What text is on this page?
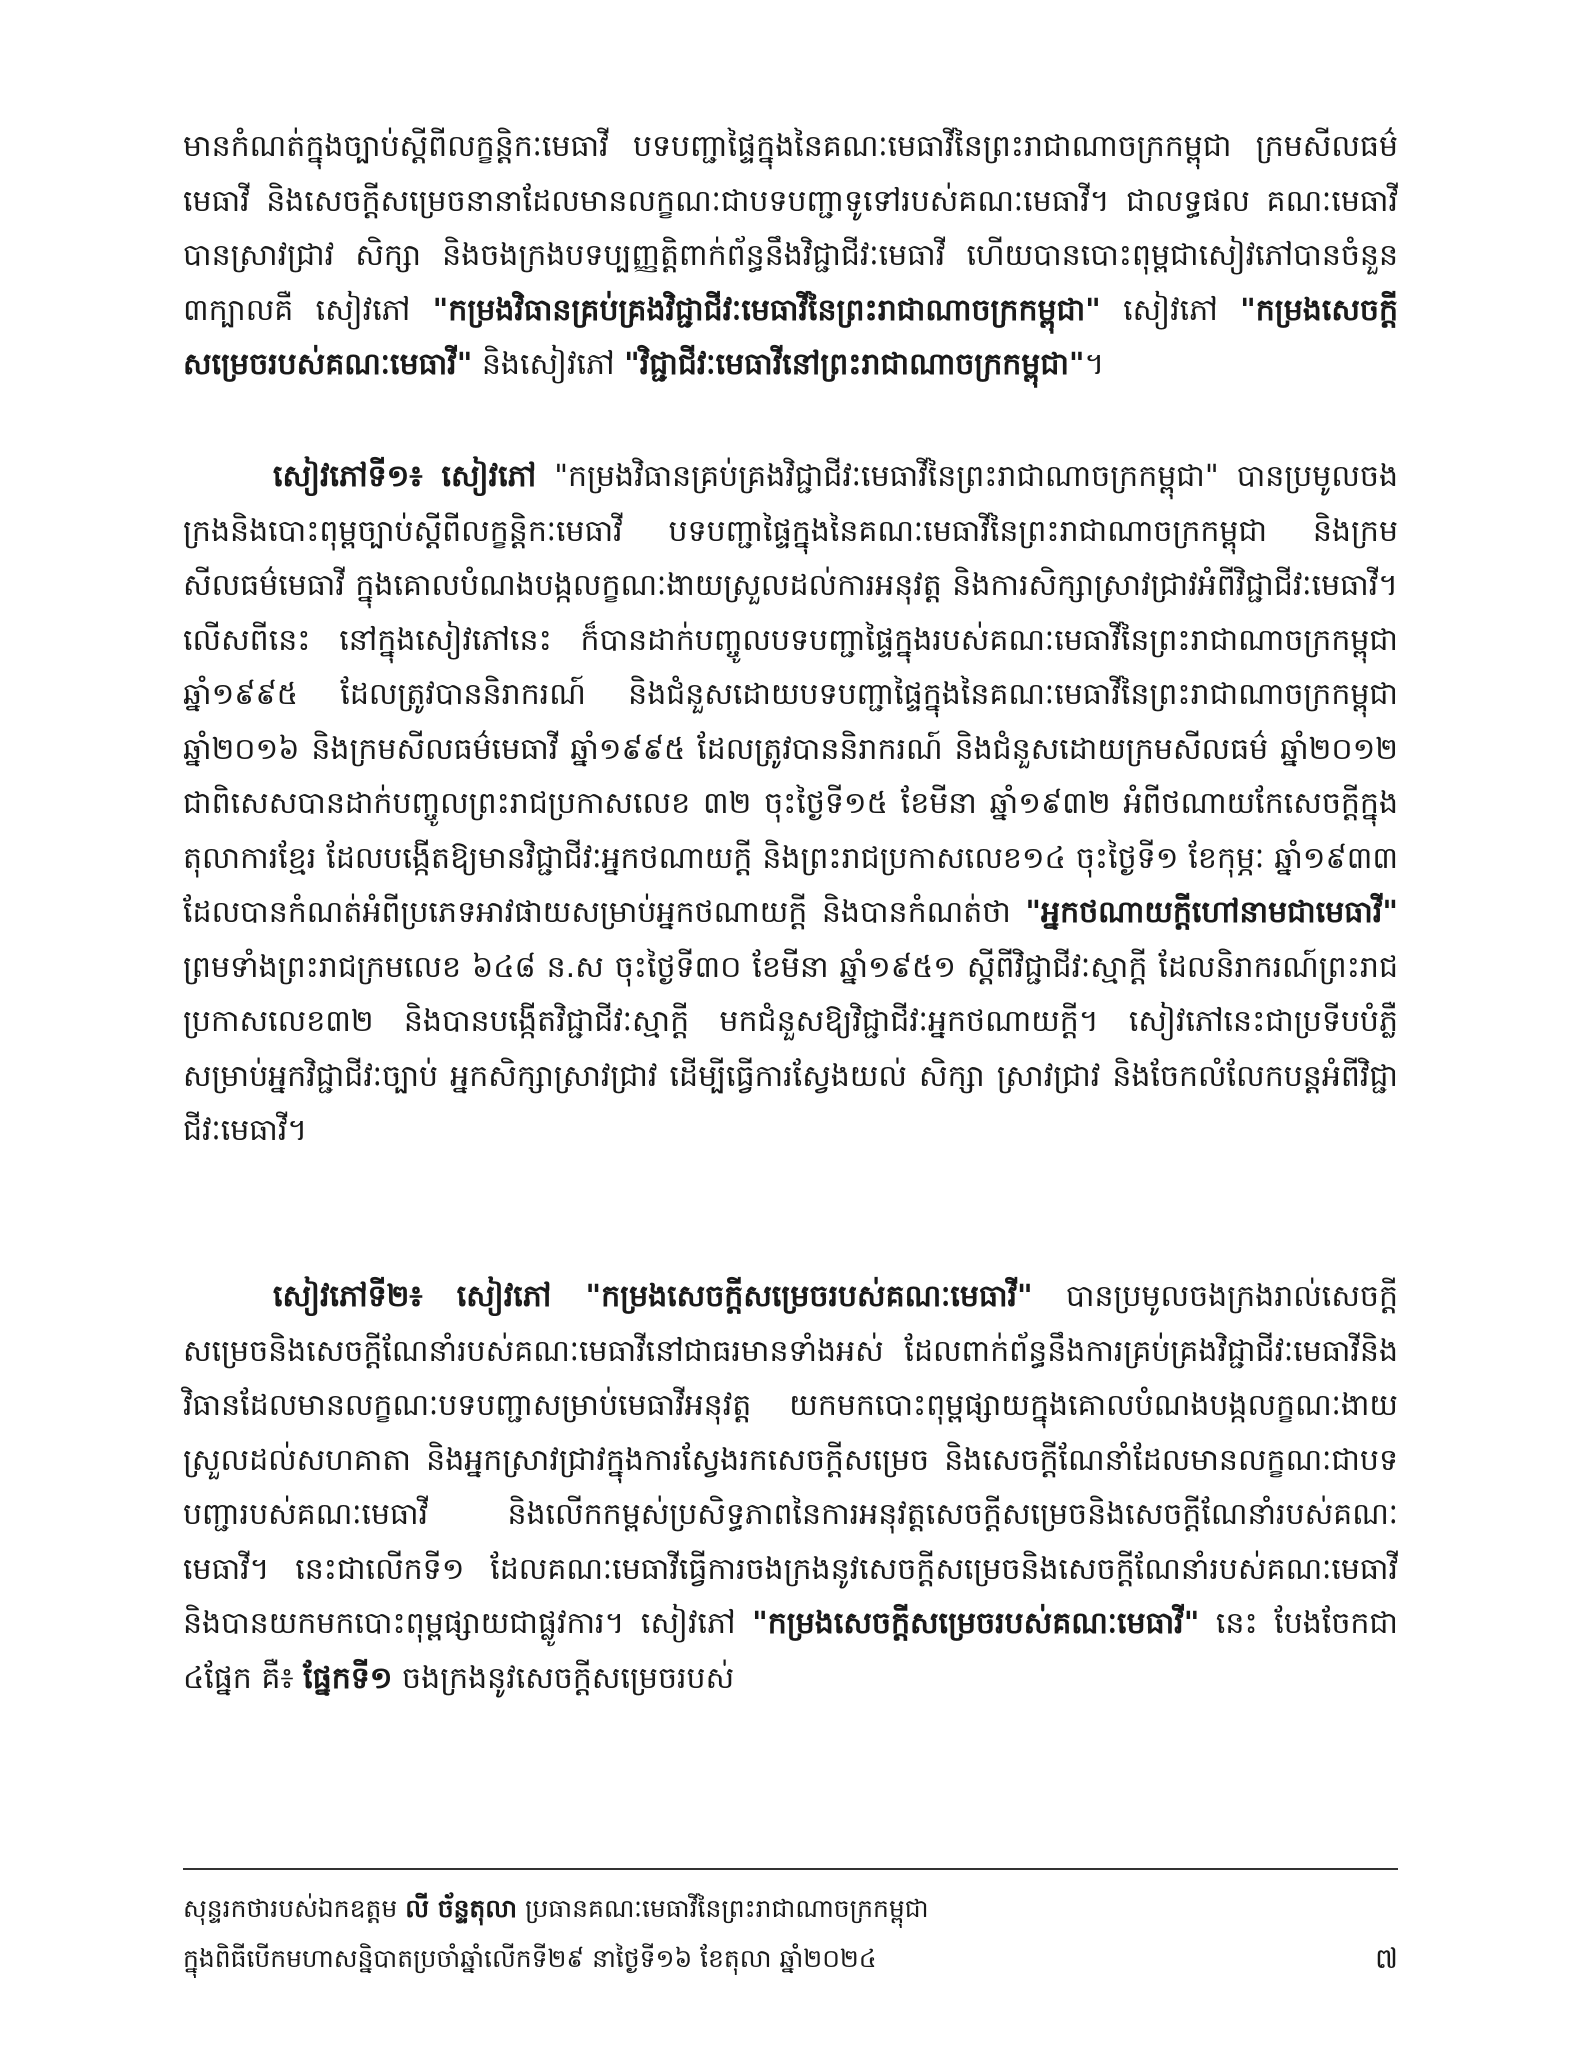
មានកំណត់ក្នុងច្បាប់ស្ដីពីលក្ខន្តិកៈមេធាវី បទបញ្ជាផ្ទៃក្នុងនៃគណៈមេធាវីនៃព្រះរាជាណាចក្រកម្ពុជា ក្រមសីលធម៌មេធាវី និងសេចក្ដីសម្រេចនានាដែលមានលក្ខណៈជាបទបញ្ជាទូទៅរបស់គណៈមេធាវី។ ជាលទ្ធផល គណៈមេធាវីបានស្រាវជ្រាវ សិក្សា និងចងក្រងបទប្បញ្ញត្តិពាក់ព័ន្ធនឹងវិជ្ជាជីវៈមេធាវី ហើយបានបោះពុម្ពជាសៀវភៅបានចំនួន ៣ក្បាលគឺ សៀវភៅ "កម្រងវិធានគ្រប់គ្រងវិជ្ជាជីវៈមេធាវីនៃព្រះរាជាណាចក្រកម្ពុជា" សៀវភៅ "កម្រងសេចក្ដីសម្រេចរបស់គណៈមេធាវី" និងសៀវភៅ "វិជ្ជាជីវៈមេធាវីនៅព្រះរាជាណាចក្រកម្ពុជា"។

សៀវភៅទី១៖ សៀវភៅ "កម្រងវិធានគ្រប់គ្រងវិជ្ជាជីវៈមេធាវីនៃព្រះរាជាណាចក្រកម្ពុជា" បានប្រមូលចងក្រងនិងបោះពុម្ពច្បាប់ស្ដីពីលក្ខន្តិកៈមេធាវី បទបញ្ជាផ្ទៃក្នុងនៃគណៈមេធាវីនៃព្រះរាជាណាចក្រកម្ពុជា និងក្រមសីលធម៌មេធាវី ក្នុងគោលបំណងបង្កលក្ខណៈងាយស្រួលដល់ការអនុវត្ត និងការសិក្សាស្រាវជ្រាវអំពីវិជ្ជាជីវៈមេធាវី។ លើសពីនេះ នៅក្នុងសៀវភៅនេះ ក៏បានដាក់បញ្ចូលបទបញ្ជាផ្ទៃក្នុងរបស់គណៈមេធាវីនៃព្រះរាជាណាចក្រកម្ពុជា ឆ្នាំ១៩៩៥ ដែលត្រូវបាននិរាករណ៍ និងជំនួសដោយបទបញ្ជាផ្ទៃក្នុងនៃគណៈមេធាវីនៃព្រះរាជាណាចក្រកម្ពុជា ឆ្នាំ២០១៦ និងក្រមសីលធម៌មេធាវី ឆ្នាំ១៩៩៥ ដែលត្រូវបាននិរាករណ៍ និងជំនួសដោយក្រមសីលធម៌ ឆ្នាំ២០១២ ជាពិសេសបានដាក់បញ្ចូលព្រះរាជប្រកាសលេខ ៣២ ចុះថ្ងៃទី១៥ ខែមីនា ឆ្នាំ១៩៣២ អំពីថណាយកែសេចក្ដីក្នុងតុលាការខ្មែរ ដែលបង្កើតឱ្យមានវិជ្ជាជីវៈអ្នកថណាយក្ដី និងព្រះរាជប្រកាសលេខ១៤ ចុះថ្ងៃទី១ ខែកុម្ភៈ ឆ្នាំ១៩៣៣ ដែលបានកំណត់អំពីប្រភេទអាវផាយសម្រាប់អ្នកថណាយក្ដី និងបានកំណត់ថា "អ្នកថណាយក្ដីហៅនាមជាមេធាវី" ព្រមទាំងព្រះរាជក្រមលេខ ៦៤៨ ន.ស ចុះថ្ងៃទី៣០ ខែមីនា ឆ្នាំ១៩៥១ ស្ដីពីវិជ្ជាជីវៈស្មាក្ដី ដែលនិរាករណ៍ព្រះរាជប្រកាសលេខ៣២ និងបានបង្កើតវិជ្ជាជីវៈស្មាក្ដី មកជំនួសឱ្យវិជ្ជាជីវៈអ្នកថណាយក្ដី។ សៀវភៅនេះជាប្រទីបបំភ្លឺសម្រាប់អ្នកវិជ្ជាជីវៈច្បាប់ អ្នកសិក្សាស្រាវជ្រាវ ដើម្បីធ្វើការស្វែងយល់ សិក្សា ស្រាវជ្រាវ និងចែកលំលែកបន្តអំពីវិជ្ជាជីវៈមេធាវី។

សៀវភៅទី២៖ សៀវភៅ "កម្រងសេចក្ដីសម្រេចរបស់គណៈមេធាវី" បានប្រមូលចងក្រងរាល់សេចក្ដីសម្រេចនិងសេចក្ដីណែនាំរបស់គណៈមេធាវីនៅជាធរមានទាំងអស់ ដែលពាក់ព័ន្ធនឹងការគ្រប់គ្រងវិជ្ជាជីវៈមេធាវីនិងវិធានដែលមានលក្ខណៈបទបញ្ជាសម្រាប់មេធាវីអនុវត្ត យកមកបោះពុម្ពផ្សាយក្នុងគោលបំណងបង្កលក្ខណៈងាយស្រួលដល់សហគាតា និងអ្នកស្រាវជ្រាវក្នុងការស្វែងរកសេចក្ដីសម្រេច និងសេចក្ដីណែនាំដែលមានលក្ខណៈជាបទបញ្ជារបស់គណៈមេធាវី និងលើកកម្ពស់ប្រសិទ្ធភាពនៃការអនុវត្តសេចក្ដីសម្រេចនិងសេចក្ដីណែនាំរបស់គណៈមេធាវី។ នេះជាលើកទី១ ដែលគណៈមេធាវីធ្វើការចងក្រងនូវសេចក្ដីសម្រេចនិងសេចក្ដីណែនាំរបស់គណៈមេធាវីនិងបានយកមកបោះពុម្ពផ្សាយជាផ្លូវការ។ សៀវភៅ "កម្រងសេចក្ដីសម្រេចរបស់គណៈមេធាវី" នេះ បែងចែកជា ៤ផ្នែក គឺ៖ ផ្នែកទី១ ចងក្រងនូវសេចក្ដីសម្រេចរបស់

សុន្ទរកថារបស់ឯកឧត្ដម លី ច័ន្ទតុលា ប្រធានគណៈមេធាវីនៃព្រះរាជាណាចក្រកម្ពុជា
ក្នុងពិធីបើកមហាសន្និបាតប្រចាំឆ្នាំលើកទី២៩ នាថ្ងៃទី១៦ ខែតុលា ឆ្នាំ២០២៤	៧
